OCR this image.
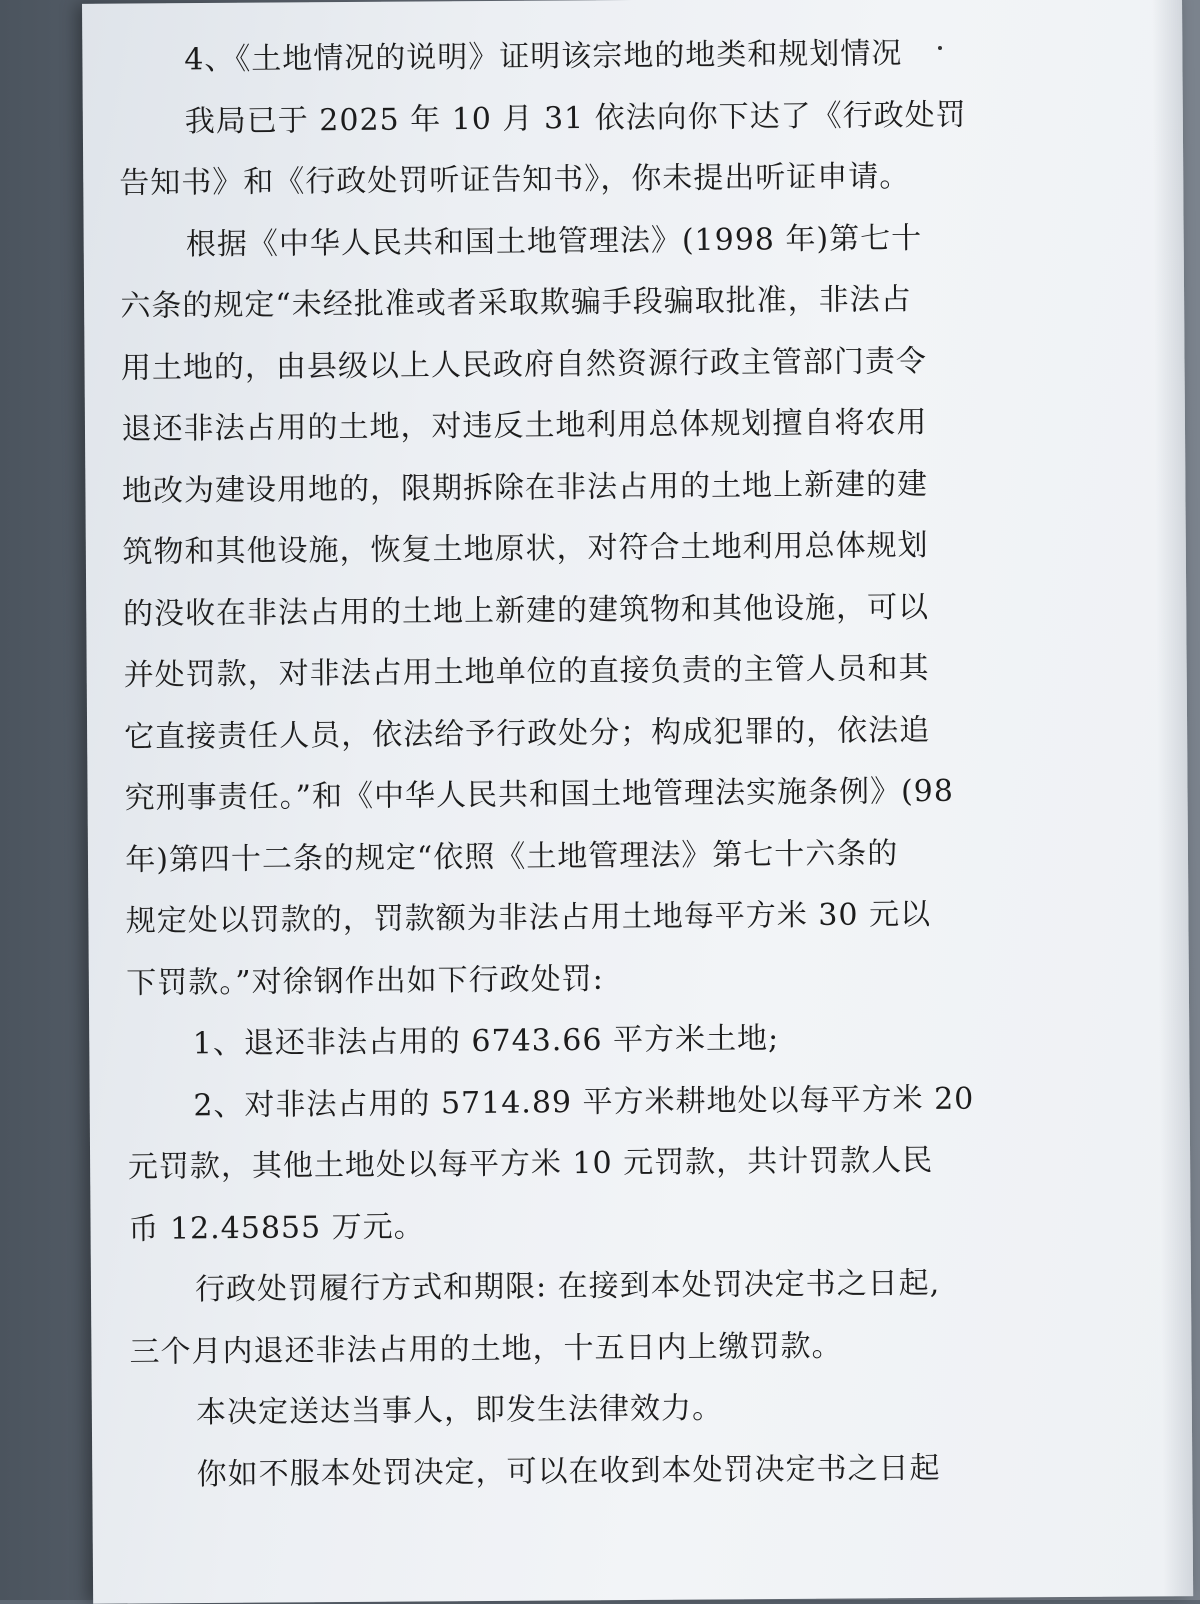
4、《土地情况的说明》证明该宗地的地类和规划情况
我局已于 2025 年 10 月 31 依法向你下达了《行政处罚
告知书》和《行政处罚听证告知书》，你未提出听证申请。
根据《中华人民共和国土地管理法》(1998 年)第七十
六条的规定“未经批准或者采取欺骗手段骗取批准，非法占
用土地的，由县级以上人民政府自然资源行政主管部门责令
退还非法占用的土地，对违反土地利用总体规划擅自将农用
地改为建设用地的，限期拆除在非法占用的土地上新建的建
筑物和其他设施，恢复土地原状，对符合土地利用总体规划
的没收在非法占用的土地上新建的建筑物和其他设施，可以
并处罚款，对非法占用土地单位的直接负责的主管人员和其
它直接责任人员，依法给予行政处分；构成犯罪的，依法追
究刑事责任。”和《中华人民共和国土地管理法实施条例》(98
年)第四十二条的规定“依照《土地管理法》第七十六条的
规定处以罚款的，罚款额为非法占用土地每平方米 30 元以
下罚款。”对徐钢作出如下行政处罚:
1、退还非法占用的 6743.66 平方米土地;
2、对非法占用的 5714.89 平方米耕地处以每平方米 20
元罚款，其他土地处以每平方米 10 元罚款，共计罚款人民
币 12.45855 万元。
行政处罚履行方式和期限: 在接到本处罚决定书之日起,
三个月内退还非法占用的土地，十五日内上缴罚款。
本决定送达当事人，即发生法律效力。
你如不服本处罚决定，可以在收到本处罚决定书之日起
